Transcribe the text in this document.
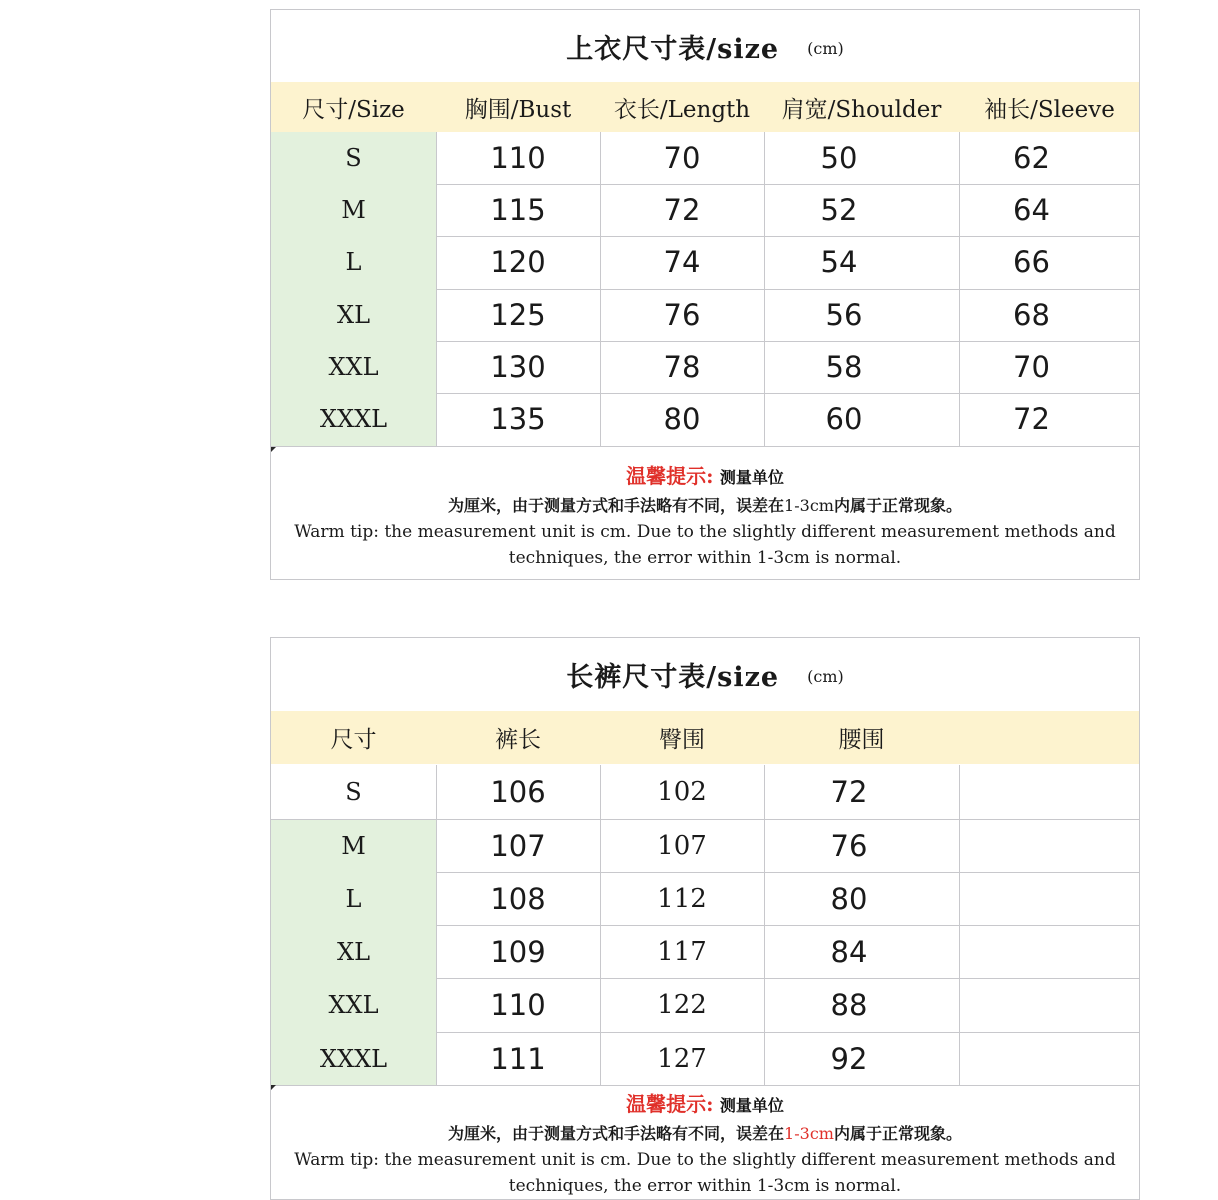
上衣尺寸表/size (cm)
尺寸/Size	胸围/Bust	衣长/Length	肩宽/Shoulder	袖长/Sleeve
S	110	70	50	62
M	115	72	52	64
L	120	74	54	66
XL	125	76	56	68
XXL	130	78	58	70
XXXL	135	80	60	72
温馨提示: 测量单位
为厘米，由于测量方式和手法略有不同，误差在1-3cm内属于正常现象。
Warm tip: the measurement unit is cm. Due to the slightly different measurement methods and techniques, the error within 1-3cm is normal.
长裤尺寸表/size (cm)
尺寸	裤长	臀围	腰围
S	106	102	72
M	107	107	76
L	108	112	80
XL	109	117	84
XXL	110	122	88
XXXL	111	127	92
温馨提示: 测量单位
为厘米，由于测量方式和手法略有不同，误差在1-3cm内属于正常现象。
Warm tip: the measurement unit is cm. Due to the slightly different measurement methods and techniques, the error within 1-3cm is normal.
